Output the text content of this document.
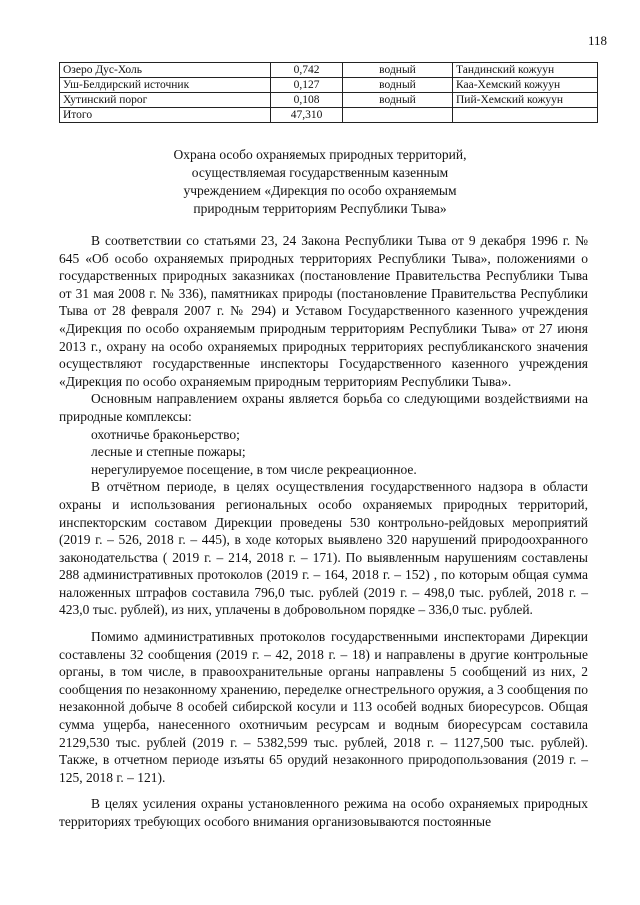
118
Озеро Дус-Холь	0,742	водный	Тандинский кожуун
Уш-Белдирский источник	0,127	водный	Каа-Хемский кожуун
Хутинский порог	0,108	водный	Пий-Хемский кожуун
Итого	47,310		
Охрана особо охраняемых природных территорий,
осуществляемая государственным казенным
учреждением «Дирекция по особо охраняемым
природным территориям Республики Тыва»

В соответствии со статьями 23, 24 Закона Республики Тыва от 9 декабря 1996 г. № 645 «Об особо охраняемых природных территориях Республики Тыва», положениями о государственных природных заказниках (постановление Правительства Республики Тыва от 31 мая 2008 г. № 336), памятниках природы (постановление Правительства Республики Тыва от 28 февраля 2007 г. № 294) и Уставом Государственного казенного учреждения «Дирекция по особо охраняемым природным территориям Республики Тыва» от 27 июня 2013 г., охрану на особо охраняемых природных территориях республиканского значения осуществляют государственные инспекторы Государственного казенного учреждения «Дирекция по особо охраняемым природным территориям Республики Тыва».

Основным направлением охраны является борьба со следующими воздействиями на природные комплексы:

охотничье браконьерство;

лесные и степные пожары;

нерегулируемое посещение, в том числе рекреационное.

В отчётном периоде, в целях осуществления государственного надзора в области охраны и использования региональных особо охраняемых природных территорий, инспекторским составом Дирекции проведены 530 контрольно-рейдовых мероприятий (2019 г. – 526, 2018 г. – 445), в ходе которых выявлено 320 нарушений природоохранного законодательства ( 2019 г. – 214, 2018 г. – 171). По выявленным нарушениям составлены 288 административных протоколов (2019 г. – 164, 2018 г. – 152) , по которым общая сумма наложенных штрафов составила 796,0 тыс. рублей (2019 г. – 498,0 тыс. рублей, 2018 г. – 423,0 тыс. рублей), из них, уплачены в добровольном порядке – 336,0 тыс. рублей.

Помимо административных протоколов государственными инспекторами Дирекции составлены 32 сообщения (2019 г. – 42, 2018 г. – 18) и направлены в другие контрольные органы, в том числе, в правоохранительные органы направлены 5 сообщений из них, 2 сообщения по незаконному хранению, переделке огнестрельного оружия, а 3 сообщения по незаконной добыче 8 особей сибирской косули и 113 особей водных биоресурсов. Общая сумма ущерба, нанесенного охотничьим ресурсам и водным биоресурсам составила 2129,530 тыс. рублей (2019 г. – 5382,599 тыс. рублей, 2018 г. – 1127,500 тыс. рублей). Также, в отчетном периоде изъяты 65 орудий незаконного природопользования (2019 г. – 125, 2018 г. – 121).

В целях усиления охраны установленного режима на особо охраняемых природных территориях требующих особого внимания организовываются постоянные
